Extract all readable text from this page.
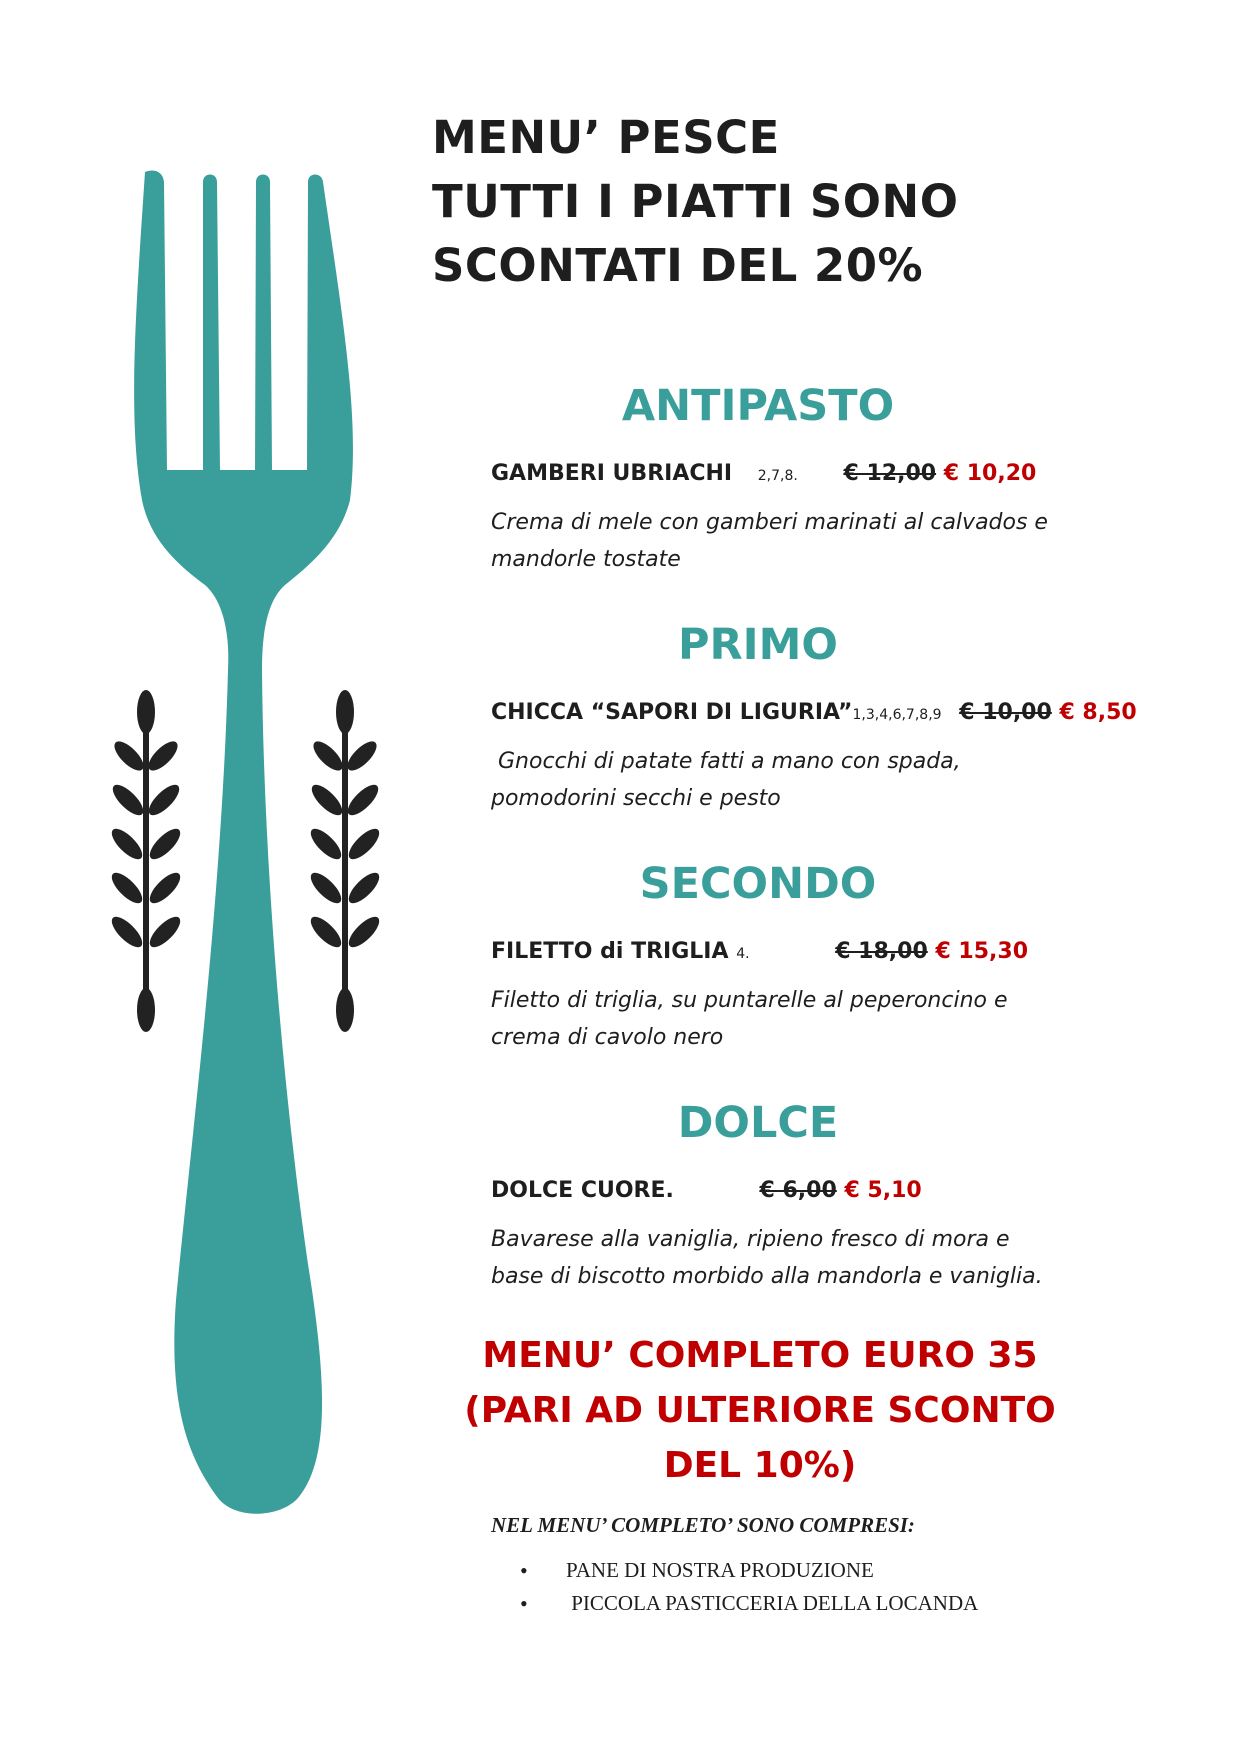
MENU’ PESCE
TUTTI I PIATTI SONO
SCONTATI DEL 20%
ANTIPASTO
GAMBERI UBRIACHI 2,7,8. € 12,00 € 10,20
Crema di mele con gamberi marinati al calvados e
mandorle tostate
PRIMO
CHICCA “SAPORI DI LIGURIA”1,3,4,6,7,8,9 € 10,00 € 8,50
Gnocchi di patate fatti a mano con spada,
pomodorini secchi e pesto
SECONDO
FILETTO di TRIGLIA 4.	€ 18,00 € 15,30
Filetto di triglia, su puntarelle al peperoncino e
crema di cavolo nero
DOLCE
DOLCE CUORE.	€ 6,00 € 5,10
Bavarese alla vaniglia, ripieno fresco di mora e
base di biscotto morbido alla mandorla e vaniglia.
MENU’ COMPLETO EURO 35
(PARI AD ULTERIORE SCONTO
DEL 10%)
NEL MENU’ COMPLETO’ SONO COMPRESI:
• PANE DI NOSTRA PRODUZIONE
•  PICCOLA PASTICCERIA DELLA LOCANDA
